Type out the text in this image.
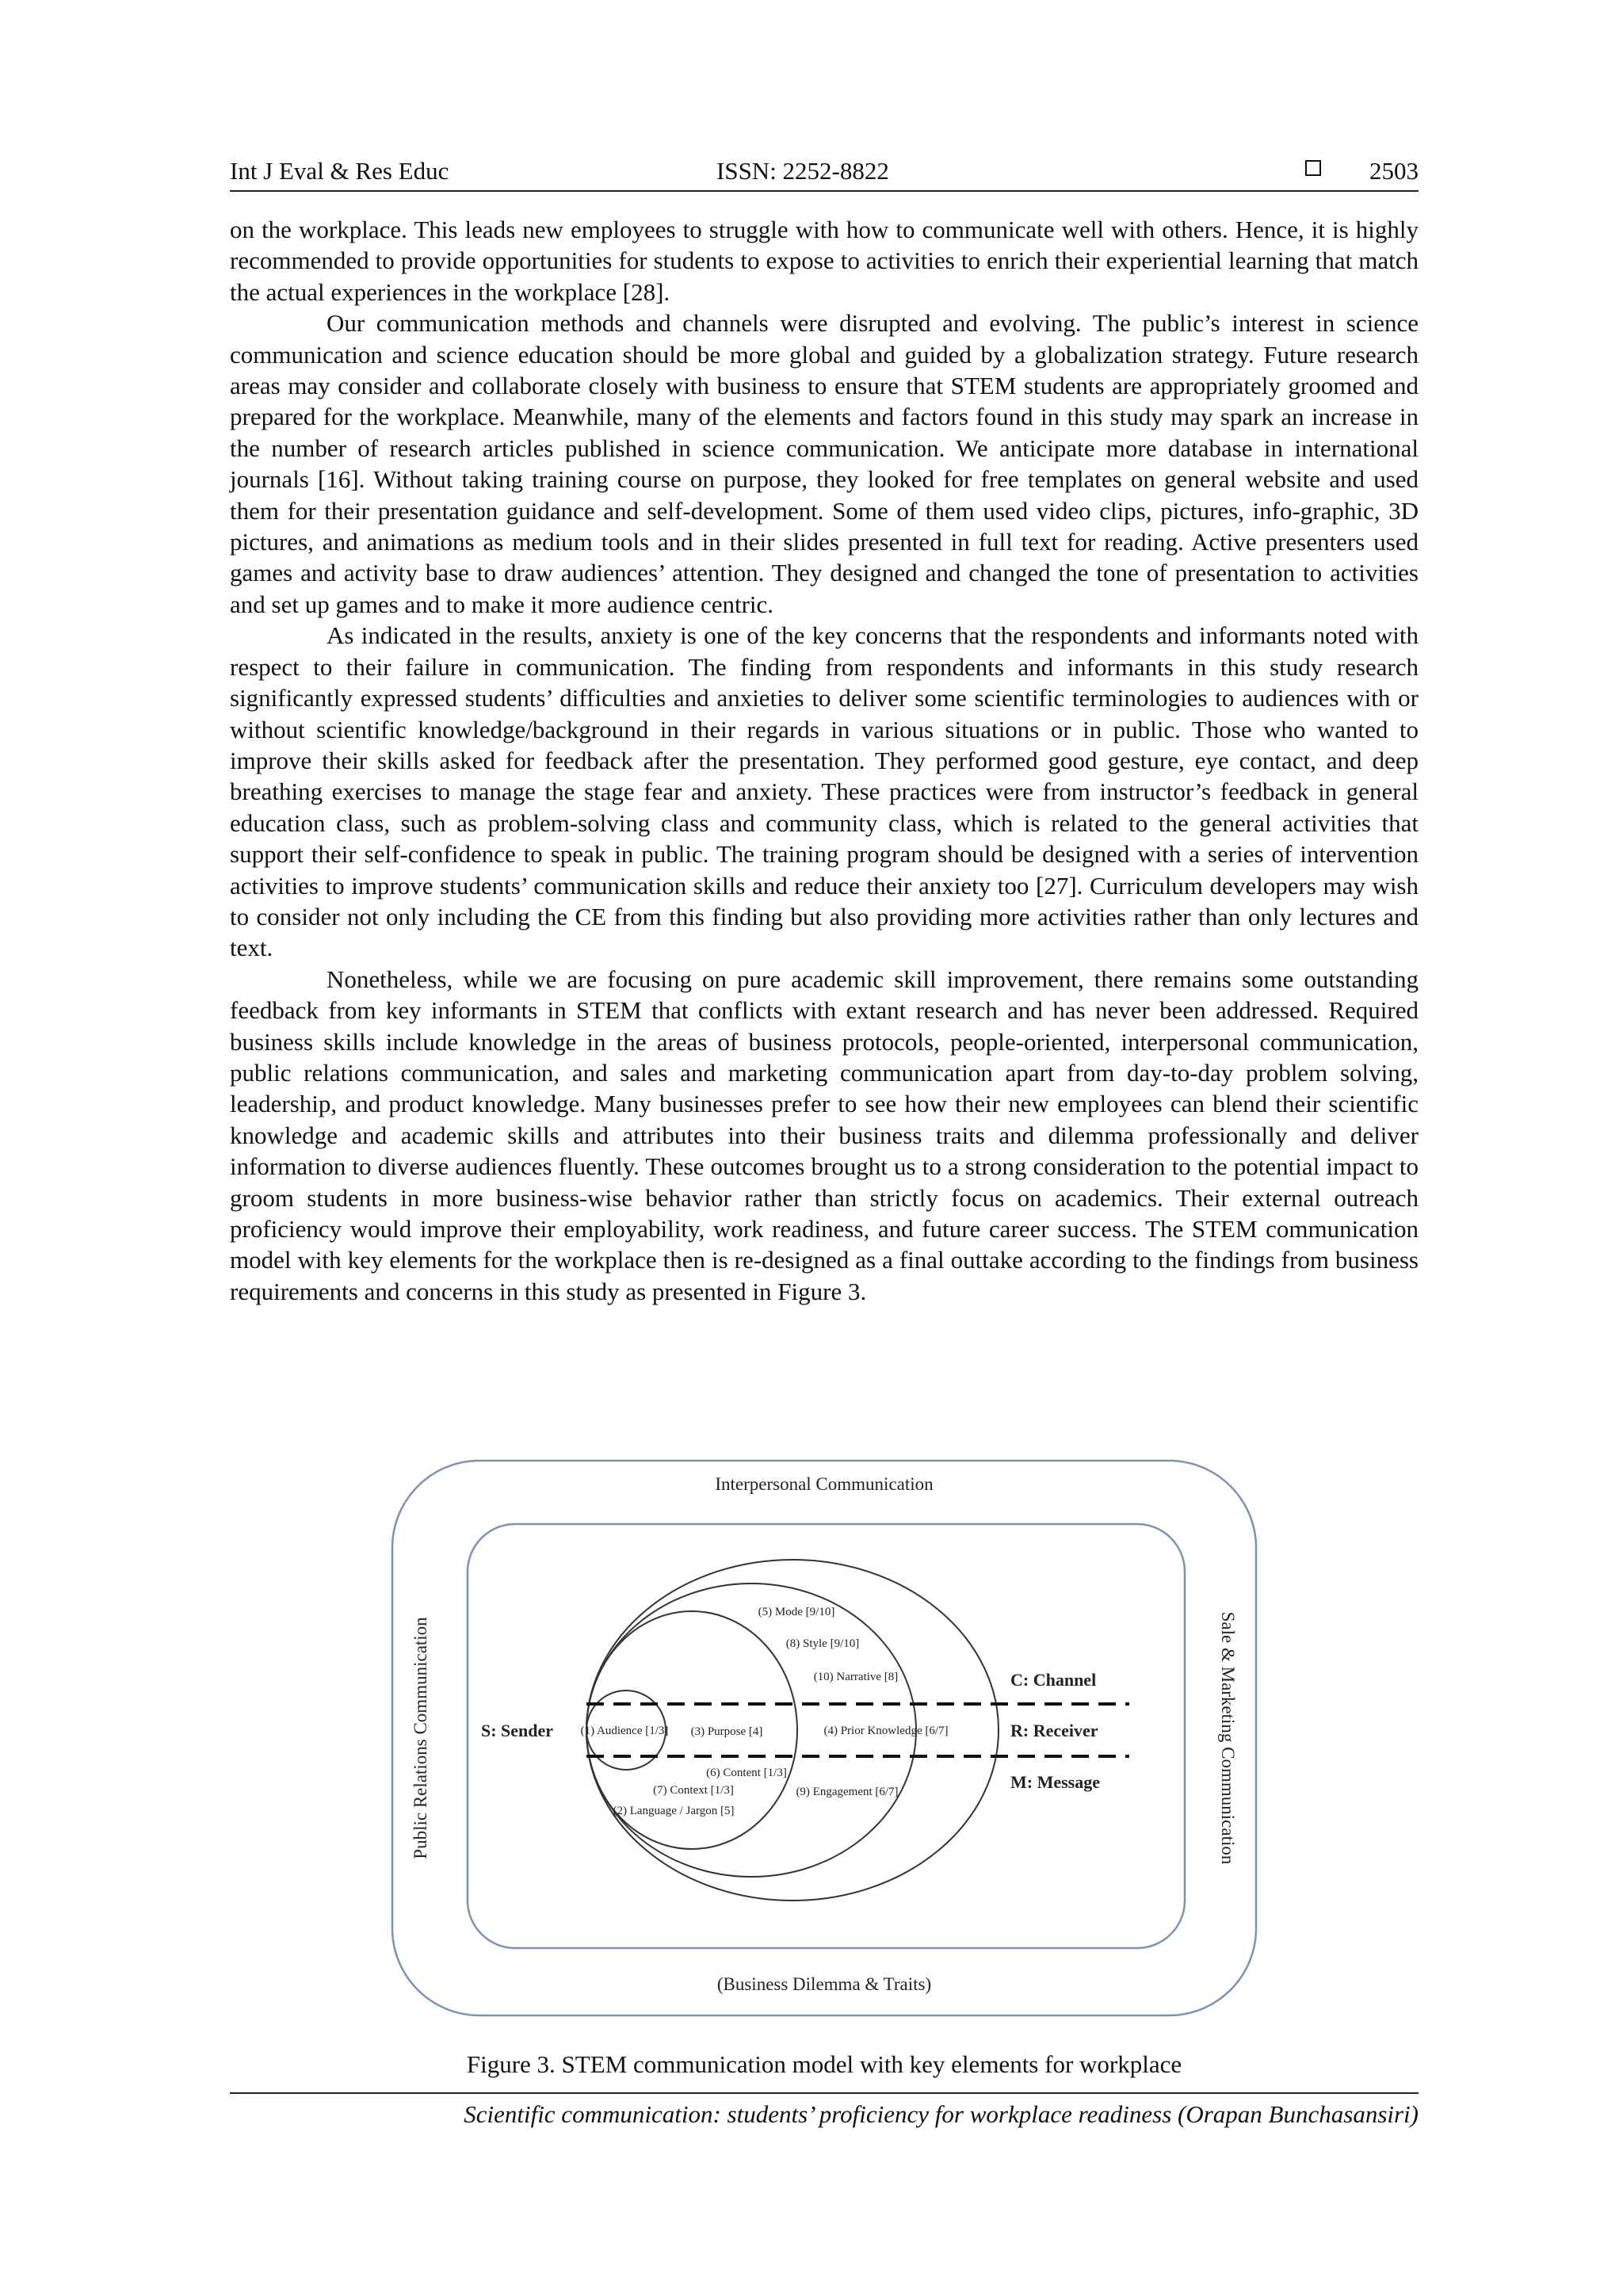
Int J Eval & Res Educ	ISSN: 2252-8822	2503

on the workplace. This leads new employees to struggle with how to communicate well with others. Hence, it is highly recommended to provide opportunities for students to expose to activities to enrich their experiential learning that match the actual experiences in the workplace [28].

Our communication methods and channels were disrupted and evolving. The public’s interest in science communication and science education should be more global and guided by a globalization strategy. Future research areas may consider and collaborate closely with business to ensure that STEM students are appropriately groomed and prepared for the workplace. Meanwhile, many of the elements and factors found in this study may spark an increase in the number of research articles published in science communication. We anticipate more database in international journals [16]. Without taking training course on purpose, they looked for free templates on general website and used them for their presentation guidance and self-development. Some of them used video clips, pictures, info-graphic, 3D pictures, and animations as medium tools and in their slides presented in full text for reading. Active presenters used games and activity base to draw audiences’ attention. They designed and changed the tone of presentation to activities and set up games and to make it more audience centric.

As indicated in the results, anxiety is one of the key concerns that the respondents and informants noted with respect to their failure in communication. The finding from respondents and informants in this study research significantly expressed students’ difficulties and anxieties to deliver some scientific terminologies to audiences with or without scientific knowledge/background in their regards in various situations or in public. Those who wanted to improve their skills asked for feedback after the presentation. They performed good gesture, eye contact, and deep breathing exercises to manage the stage fear and anxiety. These practices were from instructor’s feedback in general education class, such as problem-solving class and community class, which is related to the general activities that support their self-confidence to speak in public. The training program should be designed with a series of intervention activities to improve students’ communication skills and reduce their anxiety too [27]. Curriculum developers may wish to consider not only including the CE from this finding but also providing more activities rather than only lectures and text.

Nonetheless, while we are focusing on pure academic skill improvement, there remains some outstanding feedback from key informants in STEM that conflicts with extant research and has never been addressed. Required business skills include knowledge in the areas of business protocols, people-oriented, interpersonal communication, public relations communication, and sales and marketing communication apart from day-to-day problem solving, leadership, and product knowledge. Many businesses prefer to see how their new employees can blend their scientific knowledge and academic skills and attributes into their business traits and dilemma professionally and deliver information to diverse audiences fluently. These outcomes brought us to a strong consideration to the potential impact to groom students in more business-wise behavior rather than strictly focus on academics. Their external outreach proficiency would improve their employability, work readiness, and future career success. The STEM communication model with key elements for the workplace then is re-designed as a final outtake according to the findings from business requirements and concerns in this study as presented in Figure 3.

Interpersonal Communication
(Business Dilemma & Traits)
Public Relations Communication	Sale & Marketing Communication
S: Sender
C: Channel
R: Receiver
M: Message
(5) Mode [9/10]
(8) Style [9/10]
(10) Narrative [8]
(1) Audience [1/3] (3) Purpose [4]	(4) Prior Knowledge [6/7]
(6) Content [1/3]
(7) Context [1/3]
(2) Language / Jargon [5]
(9) Engagement [6/7]
Figure 3. STEM communication model with key elements for workplace
Scientific communication: students’ proficiency for workplace readiness (Orapan Bunchasansiri)
